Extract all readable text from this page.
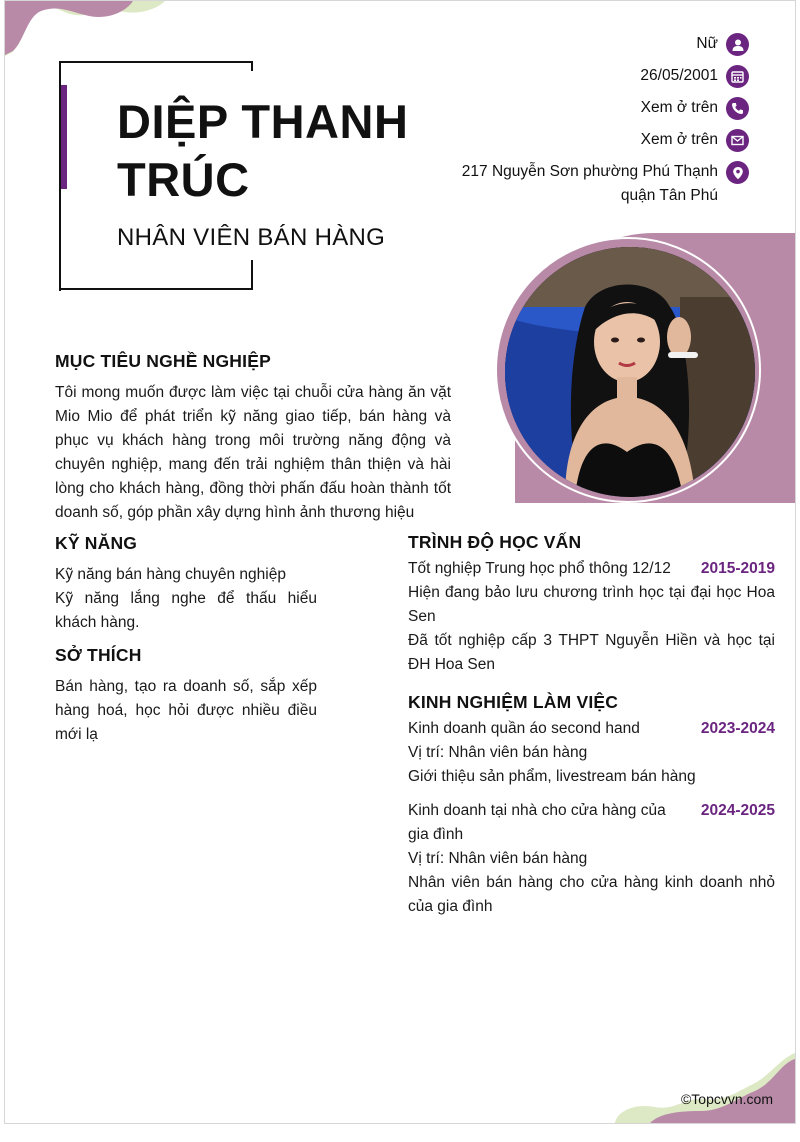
DIỆP THANH TRÚC
NHÂN VIÊN BÁN HÀNG
Nữ
26/05/2001
Xem ở trên
Xem ở trên
217 Nguyễn Sơn phường Phú Thạnh
quận Tân Phú
MỤC TIÊU NGHỀ NGHIỆP
Tôi mong muốn được làm việc tại chuỗi cửa hàng ăn vặt Mio Mio để phát triển kỹ năng giao tiếp, bán hàng và phục vụ khách hàng trong môi trường năng động và chuyên nghiệp, mang đến trải nghiệm thân thiện và hài lòng cho khách hàng, đồng thời phấn đấu hoàn thành tốt doanh số, góp phần xây dựng hình ảnh thương hiệu
KỸ NĂNG
Kỹ năng bán hàng chuyên nghiệp
Kỹ năng lắng nghe để thấu hiểu khách hàng.
SỞ THÍCH
Bán hàng, tạo ra doanh số, sắp xếp hàng hoá, học hỏi được nhiều điều mới lạ
TRÌNH ĐỘ HỌC VẤN
Tốt nghiệp Trung học phổ thông 12/12	2015-2019
Hiện đang bảo lưu chương trình học tại đại học Hoa Sen
Đã tốt nghiệp cấp 3 THPT Nguyễn Hiền và học tại ĐH Hoa Sen
KINH NGHIỆM LÀM VIỆC
Kinh doanh quần áo second hand	2023-2024
Vị trí: Nhân viên bán hàng
Giới thiệu sản phẩm, livestream bán hàng
Kinh doanh tại nhà cho cửa hàng của gia đình
2024-2025
Vị trí: Nhân viên bán hàng
Nhân viên bán hàng cho cửa hàng kinh doanh nhỏ của gia đình
©Topcvvn.com
